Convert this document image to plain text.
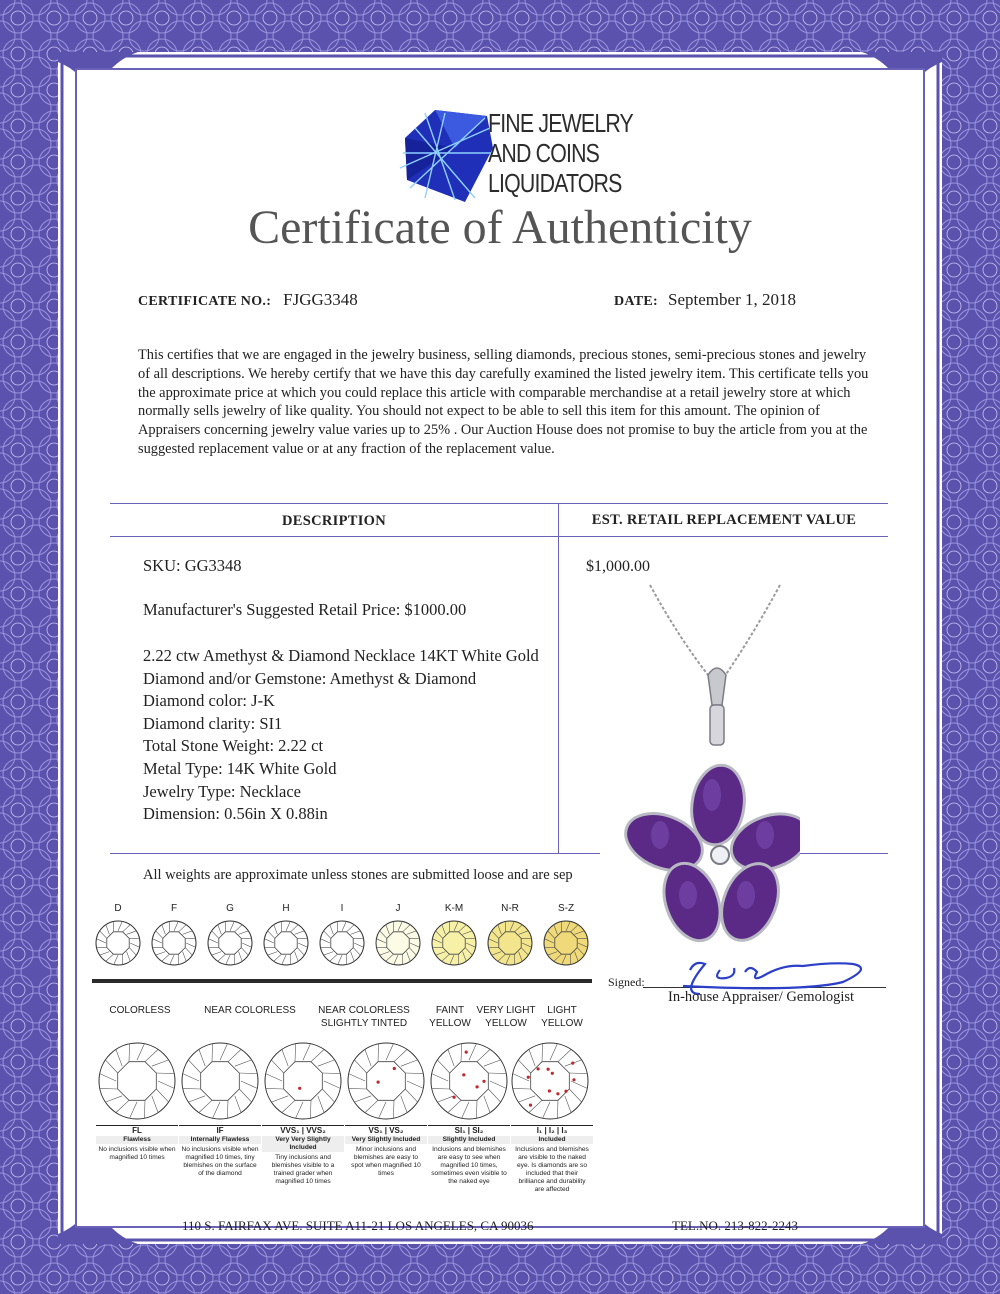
FINE JEWELRY
AND COINS
LIQUIDATORS
Certificate of Authenticity
CERTIFICATE NO.: FJGG3348	DATE: September 1, 2018
This certifies that we are engaged in the jewelry business, selling diamonds, precious stones, semi-precious stones and jewelry of all descriptions. We hereby certify that we have this day carefully examined the listed jewelry item. This certificate tells you the approximate price at which you could replace this article with comparable merchandise at a retail jewelry store at which normally sells jewelry of like quality. You should not expect to be able to sell this item for this amount. The opinion of Appraisers concerning jewelry value varies up to 25% . Our Auction House does not promise to buy the article from you at the suggested replacement value or at any fraction of the replacement value.
DESCRIPTION	EST. RETAIL REPLACEMENT VALUE
$1,000.00
SKU: GG3348
Manufacturer's Suggested Retail Price: $1000.00
2.22 ctw Amethyst & Diamond Necklace 14KT White Gold
Diamond and/or Gemstone: Amethyst & Diamond
Diamond color: J-K
Diamond clarity: SI1
Total Stone Weight: 2.22 ct
Metal Type: 14K White Gold
Jewelry Type: Necklace
Dimension: 0.56in X 0.88in
All weights are approximate unless stones are submitted loose and are sep
D	F	G	H	I	J	K-M	N-R	S-Z
COLORLESS	NEAR COLORLESS NEAR COLORLESS
SLIGHTLY TINTED
FAINT
YELLOW
VERY LIGHT
YELLOW
LIGHT
YELLOW
FL
Flawless
No inclusions visible when magnified 10 times
IF
Internally Flawless
No inclusions visible when magnified 10 times, tiny blemishes on the surface of the diamond
VVS₁ | VVS₂
Very Very Slightly Included
Tiny inclusions and blemishes visible to a trained grader when magnified 10 times
VS₁ | VS₂
Very Slightly Included
Minor inclusions and blemishes are easy to spot when magnified 10 times
SI₁ | SI₂
Slightly Included
Inclusions and blemishes are easy to see when magnified 10 times, sometimes even visible to the naked eye
I₁ | I₂ | I₃
Included
Inclusions and blemishes are visible to the naked eye. Is diamonds are so included that their brilliance and durability are affected
Signed:
In-house Appraiser/ Gemologist
110 S. FAIRFAX AVE. SUITE A11-21 LOS ANGELES, CA 90036	TEL.NO. 213-822-2243
